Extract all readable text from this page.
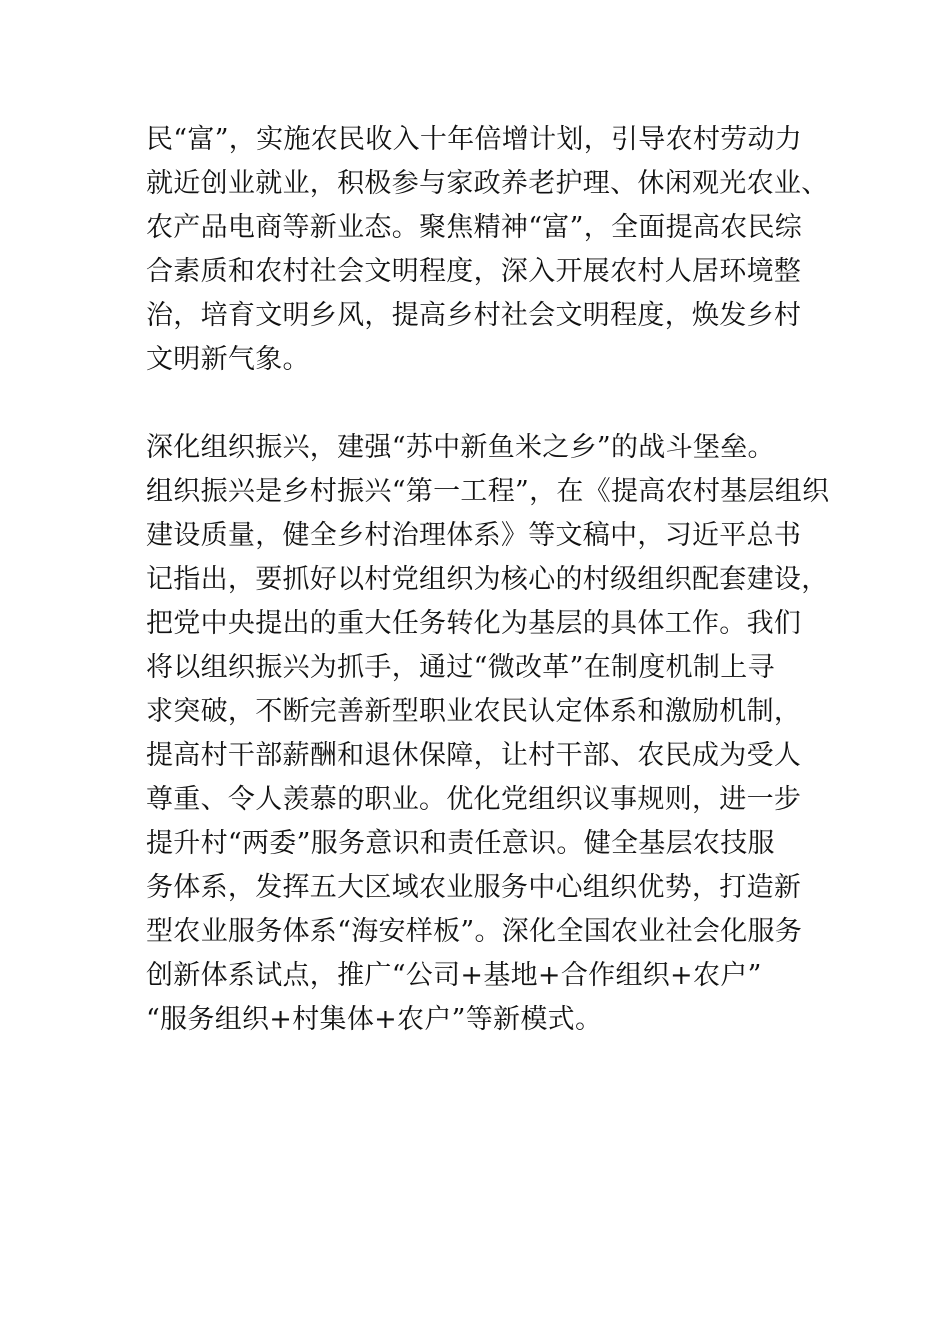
民“富”，实施农民收入十年倍增计划，引导农村劳动力
就近创业就业，积极参与家政养老护理、休闲观光农业、
农产品电商等新业态。聚焦精神“富”，全面提高农民综
合素质和农村社会文明程度，深入开展农村人居环境整
治，培育文明乡风，提高乡村社会文明程度，焕发乡村
文明新气象。
深化组织振兴，建强“苏中新鱼米之乡”的战斗堡垒。
组织振兴是乡村振兴“第一工程”，在《提高农村基层组织
建设质量，健全乡村治理体系》等文稿中，习近平总书
记指出，要抓好以村党组织为核心的村级组织配套建设，
把党中央提出的重大任务转化为基层的具体工作。我们
将以组织振兴为抓手，通过“微改革”在制度机制上寻
求突破，不断完善新型职业农民认定体系和激励机制，
提高村干部薪酬和退休保障，让村干部、农民成为受人
尊重、令人羡慕的职业。优化党组织议事规则，进一步
提升村“两委”服务意识和责任意识。健全基层农技服
务体系，发挥五大区域农业服务中心组织优势，打造新
型农业服务体系“海安样板”。深化全国农业社会化服务
创新体系试点，推广“公司+基地+合作组织+农户”
“服务组织+村集体+农户”等新模式。
